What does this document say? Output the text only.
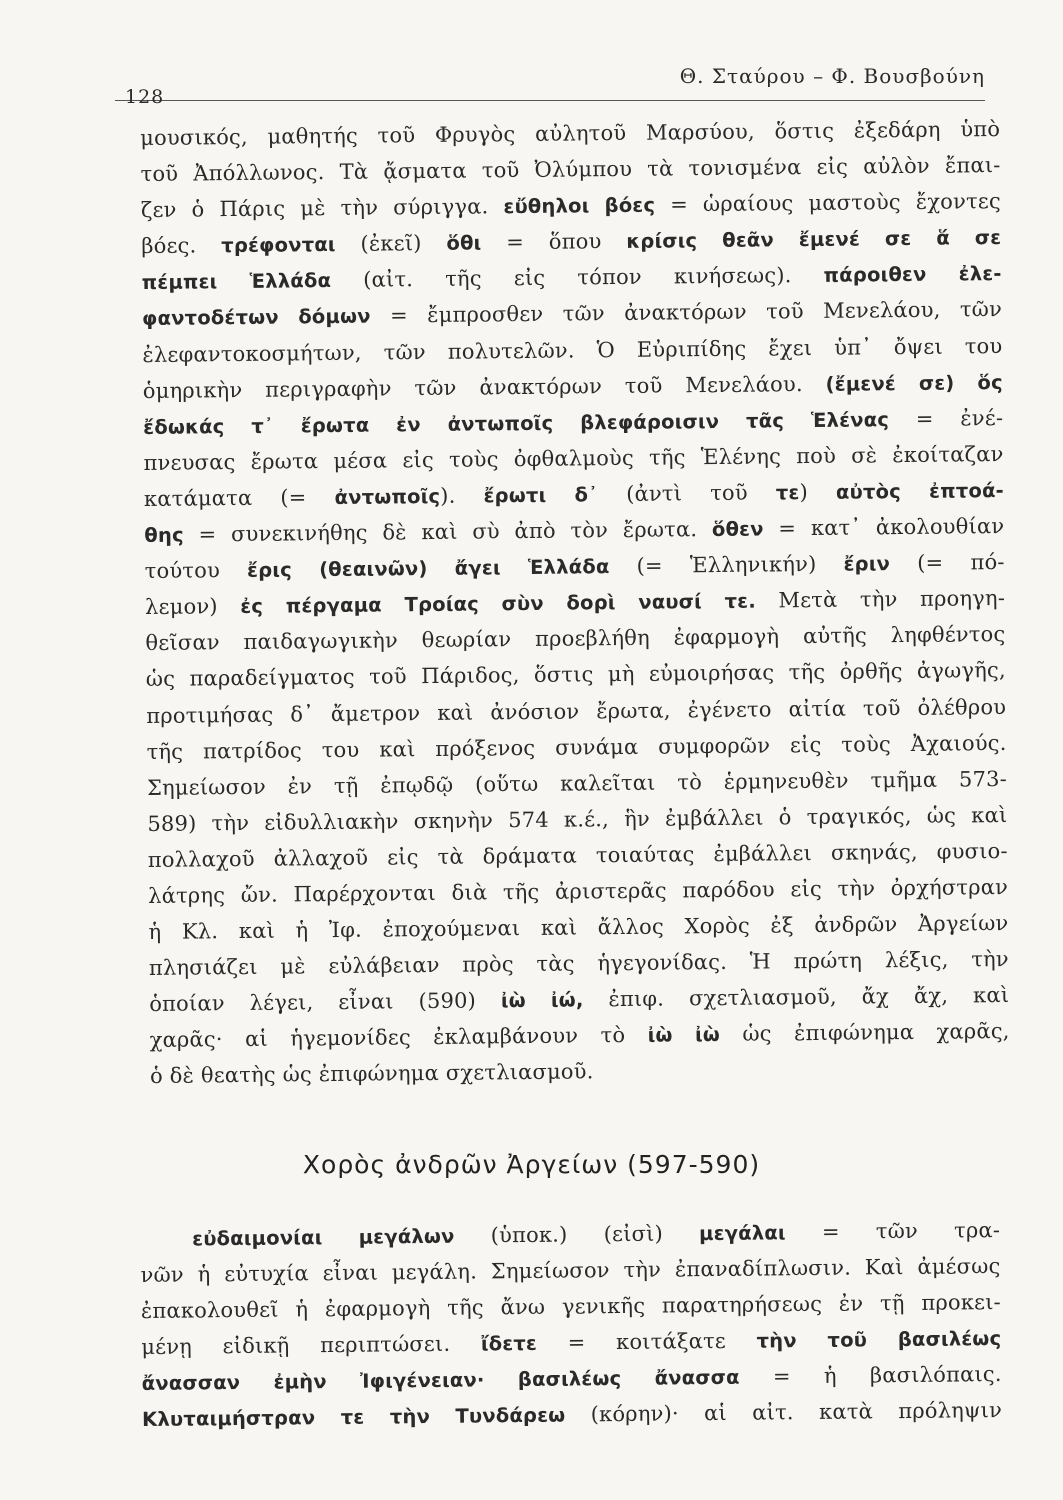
128
Θ. Σταύρου – Φ. Βουσβούνη
μουσικός, μαθητής τοῦ Φρυγὸς αὐλητοῦ Μαρσύου, ὅστις ἐξεδάρη ὑπὸ
τοῦ Ἀπόλλωνος. Τὰ ᾄσματα τοῦ Ὀλύμπου τὰ τονισμένα εἰς αὐλὸν ἔπαι-
ζεν ὁ Πάρις μὲ τὴν σύριγγα. εὔθηλοι βόες = ὡραίους μαστοὺς ἔχοντες
βόες. τρέφονται (ἐκεῖ) ὅθι = ὅπου κρίσις θεᾶν ἔμενέ σε ἅ σε
πέμπει Ἑλλάδα (αἰτ. τῆς εἰς τόπον κινήσεως). πάροιθεν ἐλε-
φαντοδέτων δόμων = ἔμπροσθεν τῶν ἀνακτόρων τοῦ Μενελάου, τῶν
ἐλεφαντοκοσμήτων, τῶν πολυτελῶν. Ὁ Εὐριπίδης ἔχει ὑπ᾽ ὄψει του
ὁμηρικὴν περιγραφὴν τῶν ἀνακτόρων τοῦ Μενελάου. (ἔμενέ σε) ὅς
ἔδωκάς τ᾽ ἔρωτα ἐν ἀντωποῖς βλεφάροισιν τᾶς Ἑλένας = ἐνέ-
πνευσας ἔρωτα μέσα εἰς τοὺς ὀφθαλμοὺς τῆς Ἑλένης ποὺ σὲ ἐκοίταζαν
κατάματα (= ἀντωποῖς). ἔρωτι δ᾽ (ἀντὶ τοῦ τε) αὐτὸς ἐπτοά-
θης = συνεκινήθης δὲ καὶ σὺ ἀπὸ τὸν ἔρωτα. ὅθεν = κατ᾽ ἀκολουθίαν
τούτου ἔρις (θεαινῶν) ἄγει Ἑλλάδα (= Ἑλληνικήν) ἔριν (= πό-
λεμον) ἐς πέργαμα Τροίας σὺν δορὶ ναυσί τε. Μετὰ τὴν προηγη-
θεῖσαν παιδαγωγικὴν θεωρίαν προεβλήθη ἐφαρμογὴ αὐτῆς ληφθέντος
ὡς παραδείγματος τοῦ Πάριδος, ὅστις μὴ εὐμοιρήσας τῆς ὀρθῆς ἀγωγῆς,
προτιμήσας δ᾽ ἄμετρον καὶ ἀνόσιον ἔρωτα, ἐγένετο αἰτία τοῦ ὀλέθρου
τῆς πατρίδος του καὶ πρόξενος συνάμα συμφορῶν εἰς τοὺς Ἀχαιούς.
Σημείωσον ἐν τῇ ἐπῳδῷ (οὕτω καλεῖται τὸ ἑρμηνευθὲν τμῆμα 573-
589) τὴν εἰδυλλιακὴν σκηνὴν 574 κ.έ., ἣν ἐμβάλλει ὁ τραγικός, ὡς καὶ
πολλαχοῦ ἀλλαχοῦ εἰς τὰ δράματα τοιαύτας ἐμβάλλει σκηνάς, φυσιο-
λάτρης ὤν. Παρέρχονται διὰ τῆς ἀριστερᾶς παρόδου εἰς τὴν ὀρχήστραν
ἡ Κλ. καὶ ἡ Ἰφ. ἐποχούμεναι καὶ ἄλλος Χορὸς ἐξ ἀνδρῶν Ἀργείων
πλησιάζει μὲ εὐλάβειαν πρὸς τὰς ἡγεγονίδας. Ἡ πρώτη λέξις, τὴν
ὁποίαν λέγει, εἶναι (590) ἰὼ ἰώ, ἐπιφ. σχετλιασμοῦ, ἄχ ἄχ, καὶ
χαρᾶς· αἱ ἡγεμονίδες ἐκλαμβάνουν τὸ ἰὼ ἰὼ ὡς ἐπιφώνημα χαρᾶς,
ὁ δὲ θεατὴς ὡς ἐπιφώνημα σχετλιασμοῦ.
Χορὸς ἀνδρῶν Ἀργείων (597-590)
εὐδαιμονίαι μεγάλων (ὑποκ.) (εἰσὶ) μεγάλαι = τῶν τρα-
νῶν ἡ εὐτυχία εἶναι μεγάλη. Σημείωσον τὴν ἐπαναδίπλωσιν. Καὶ ἀμέσως
ἐπακολουθεῖ ἡ ἐφαρμογὴ τῆς ἄνω γενικῆς παρατηρήσεως ἐν τῇ προκει-
μένῃ εἰδικῇ περιπτώσει. ἴδετε = κοιτάξατε τὴν τοῦ βασιλέως
ἄνασσαν ἐμὴν Ἰφιγένειαν· βασιλέως ἄνασσα = ἡ βασιλόπαις.
Κλυταιμήστραν τε τὴν Τυνδάρεω (κόρην)· αἱ αἰτ. κατὰ πρόληψιν
